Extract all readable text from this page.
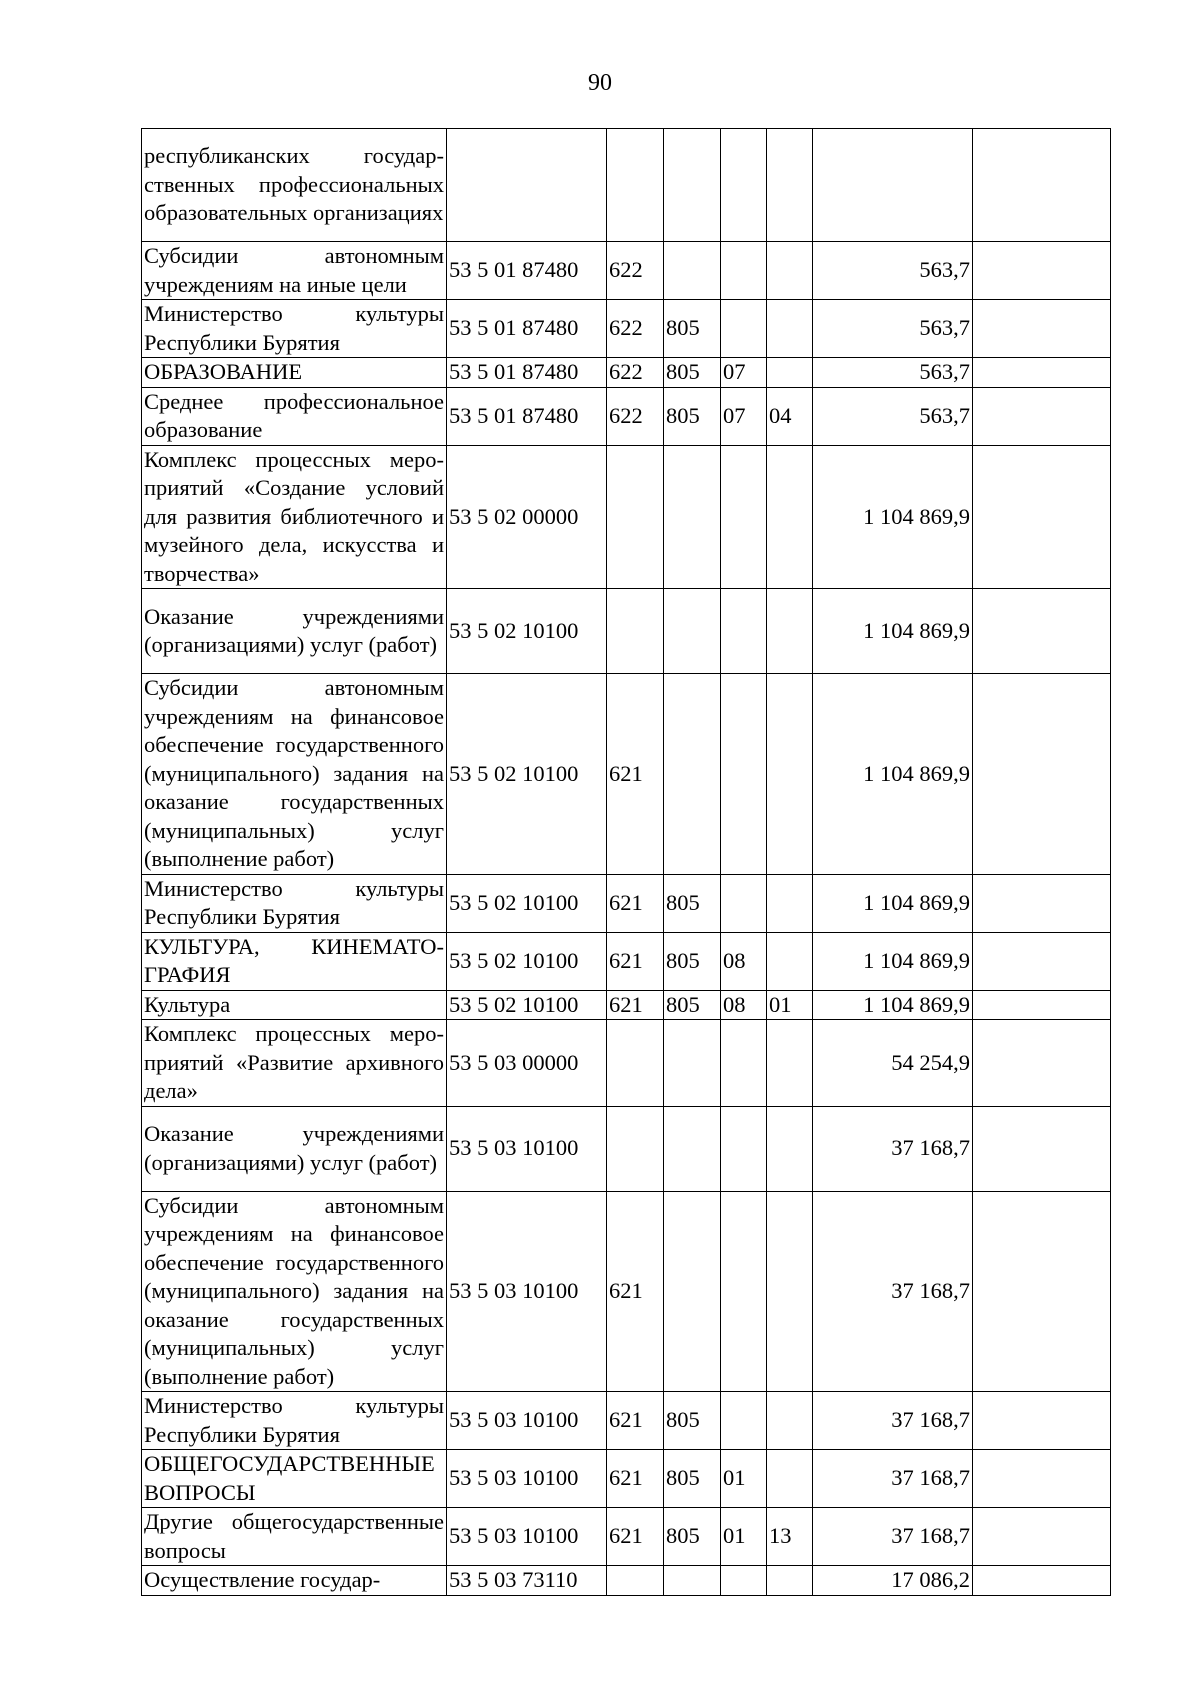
90
республиканских государственных профессиональных образовательных организациях							
Субсидии автономным учреждениям на иные цели	53 5 01 87480	622				563,7	
Министерство культуры Республики Бурятия	53 5 01 87480	622	805			563,7	
ОБРАЗОВАНИЕ	53 5 01 87480	622	805	07		563,7	
Среднее профессиональное образование	53 5 01 87480	622	805	07	04	563,7	
Комплекс процессных мероприятий «Создание условий для развития библиотечного и музейного дела, искусства и творчества»	53 5 02 00000					1 104 869,9	
Оказание учреждениями (организациями) услуг (работ)	53 5 02 10100					1 104 869,9	
Субсидии автономным учреждениям на финансовое обеспечение государственного (муниципального) задания на оказание государственных (муниципальных) услуг (выполнение работ)	53 5 02 10100	621				1 104 869,9	
Министерство культуры Республики Бурятия	53 5 02 10100	621	805			1 104 869,9	
КУЛЬТУРА, КИНЕМАТОГРАФИЯ	53 5 02 10100	621	805	08		1 104 869,9	
Культура	53 5 02 10100	621	805	08	01	1 104 869,9	
Комплекс процессных мероприятий «Развитие архивного дела»	53 5 03 00000					54 254,9	
Оказание учреждениями (организациями) услуг (работ)	53 5 03 10100					37 168,7	
Субсидии автономным учреждениям на финансовое обеспечение государственного (муниципального) задания на оказание государственных (муниципальных) услуг (выполнение работ)	53 5 03 10100	621				37 168,7	
Министерство культуры Республики Бурятия	53 5 03 10100	621	805			37 168,7	
ОБЩЕГОСУДАРСТВЕННЫЕ ВОПРОСЫ	53 5 03 10100	621	805	01		37 168,7	
Другие общегосударственные вопросы	53 5 03 10100	621	805	01	13	37 168,7	
Осуществление государ-	53 5 03 73110					17 086,2	
